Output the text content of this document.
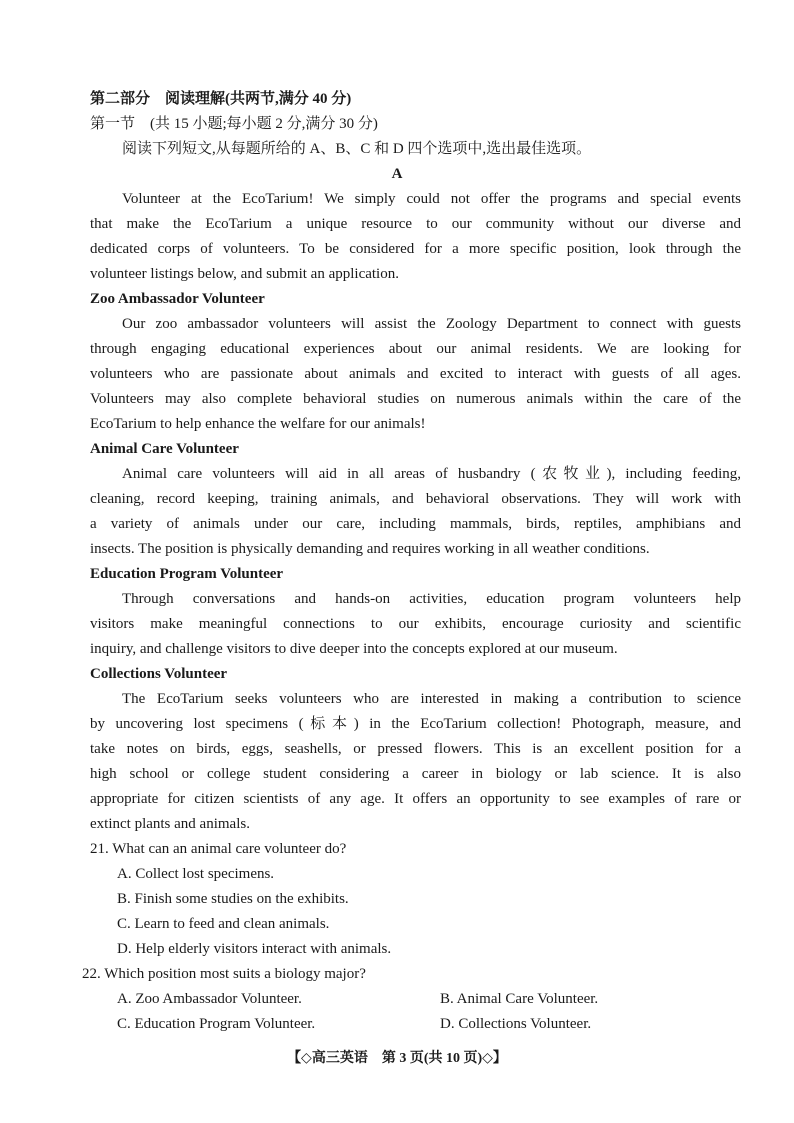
第二部分　阅读理解(共两节,满分 40 分)
第一节　(共 15 小题;每小题 2 分,满分 30 分)
阅读下列短文,从每题所给的 A、B、C 和 D 四个选项中,选出最佳选项。
A
Volunteer at the EcoTarium! We simply could not offer the programs and special events
that make the EcoTarium a unique resource to our community without our diverse and
dedicated corps of volunteers. To be considered for a more specific position, look through the
volunteer listings below, and submit an application.
Zoo Ambassador Volunteer
Our zoo ambassador volunteers will assist the Zoology Department to connect with guests
through engaging educational experiences about our animal residents. We are looking for
volunteers who are passionate about animals and excited to interact with guests of all ages.
Volunteers may also complete behavioral studies on numerous animals within the care of the
EcoTarium to help enhance the welfare for our animals!
Animal Care Volunteer
Animal care volunteers will aid in all areas of husbandry (农牧业), including feeding,
cleaning, record keeping, training animals, and behavioral observations. They will work with
a variety of animals under our care, including mammals, birds, reptiles, amphibians and
insects. The position is physically demanding and requires working in all weather conditions.
Education Program Volunteer
Through conversations and hands-on activities, education program volunteers help
visitors make meaningful connections to our exhibits, encourage curiosity and scientific
inquiry, and challenge visitors to dive deeper into the concepts explored at our museum.
Collections Volunteer
The EcoTarium seeks volunteers who are interested in making a contribution to science
by uncovering lost specimens (标本) in the EcoTarium collection! Photograph, measure, and
take notes on birds, eggs, seashells, or pressed flowers. This is an excellent position for a
high school or college student considering a career in biology or lab science. It is also
appropriate for citizen scientists of any age. It offers an opportunity to see examples of rare or
extinct plants and animals.
21. What can an animal care volunteer do?
A. Collect lost specimens.
B. Finish some studies on the exhibits.
C. Learn to feed and clean animals.
D. Help elderly visitors interact with animals.
22. Which position most suits a biology major?
A. Zoo Ambassador Volunteer.	B. Animal Care Volunteer.
C. Education Program Volunteer.	D. Collections Volunteer.
【◇高三英语　第 3 页(共 10 页)◇】
